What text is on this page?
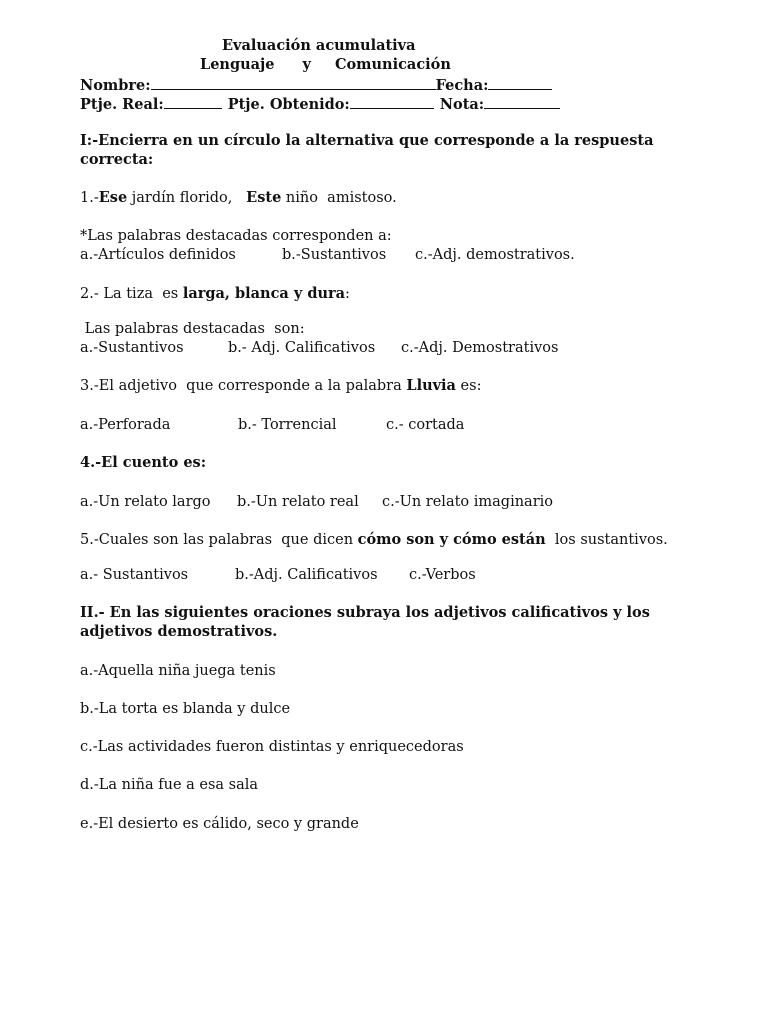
Evaluación acumulativa
Lenguaje y Comunicación
Nombre:	Fecha:
Ptje. Real:	Ptje. Obtenido:	Nota:
I:-Encierra en un círculo la alternativa que corresponde a la respuesta
correcta:
1.-Ese jardín florido,   Este niño  amistoso.
*Las palabras destacadas corresponden a:
a.-Artículos definidos	b.-Sustantivos c.-Adj. demostrativos.
2.- La tiza  es larga, blanca y dura:
Las palabras destacadas  son:
a.-Sustantivos	b.- Adj. Calificativos c.-Adj. Demostrativos
3.-El adjetivo  que corresponde a la palabra Lluvia es:
a.-Perforada	b.- Torrencial	c.- cortada
4.-El cuento es:
a.-Un relato largo b.-Un relato real c.-Un relato imaginario
5.-Cuales son las palabras  que dicen cómo son y cómo están  los sustantivos.
a.- Sustantivos	b.-Adj. Calificativos c.-Verbos
II.- En las siguientes oraciones subraya los adjetivos calificativos y los
adjetivos demostrativos.
a.-Aquella niña juega tenis
b.-La torta es blanda y dulce
c.-Las actividades fueron distintas y enriquecedoras
d.-La niña fue a esa sala
e.-El desierto es cálido, seco y grande
